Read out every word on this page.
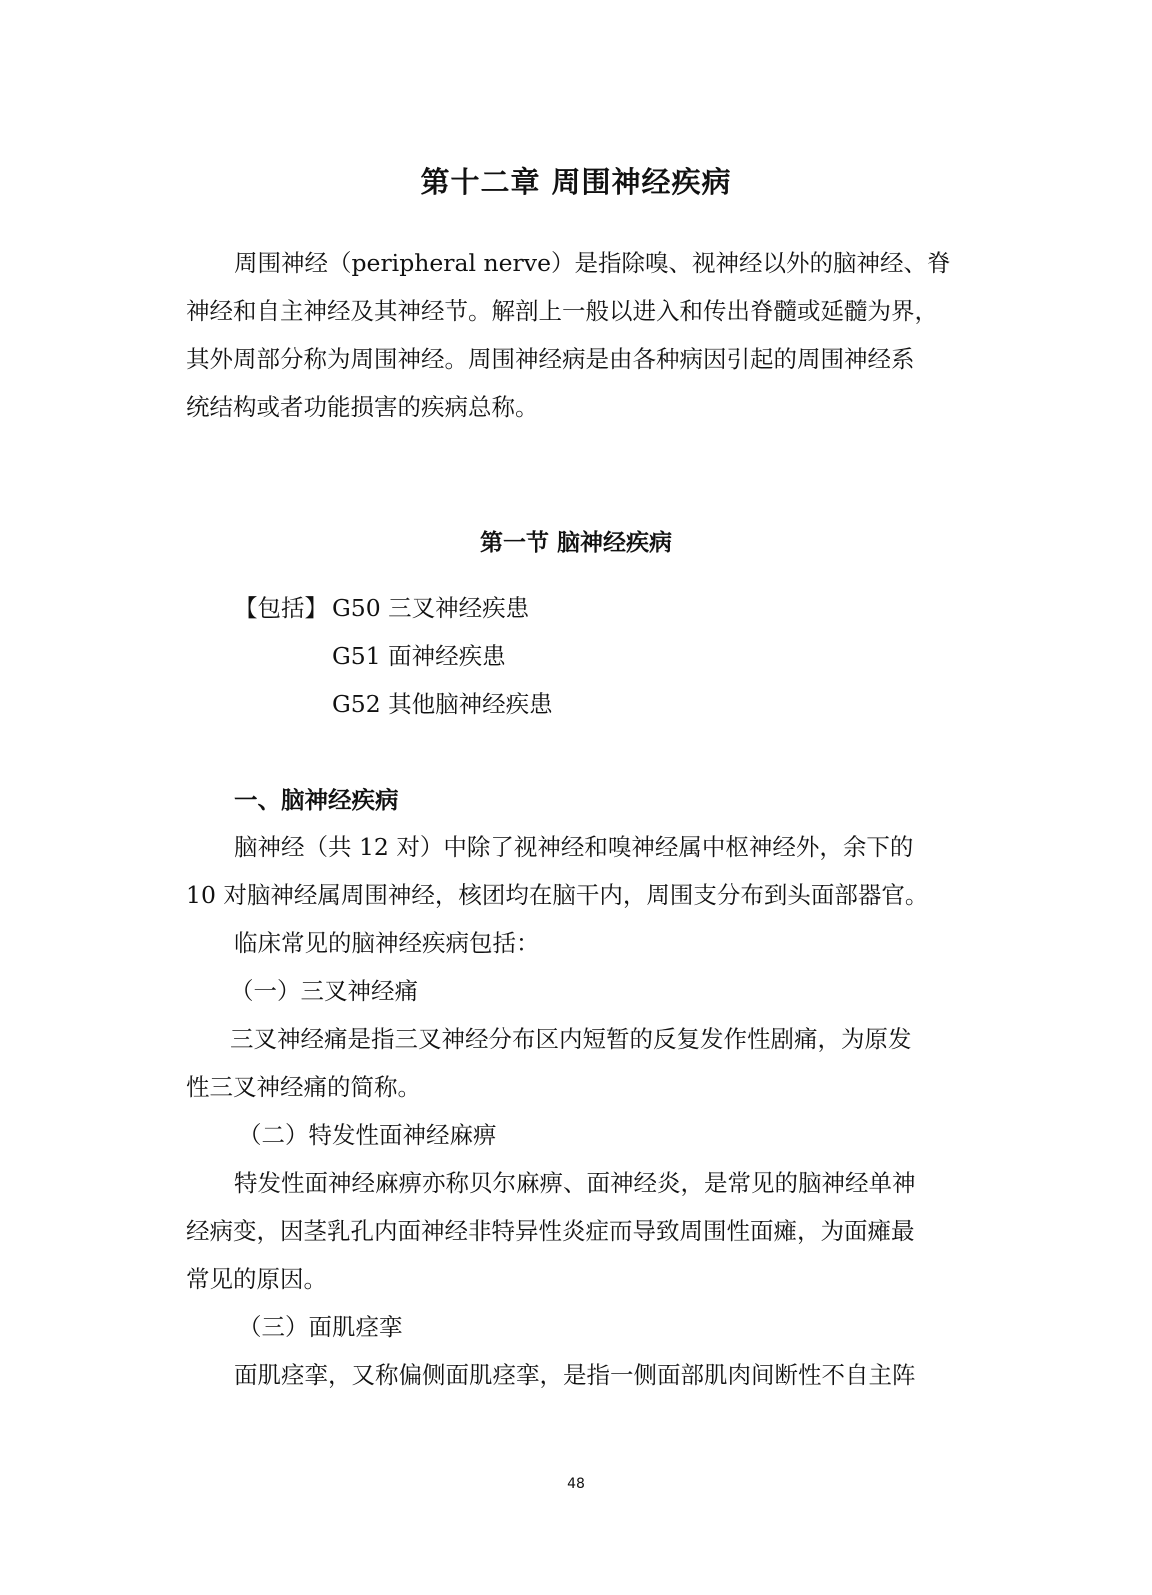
第十二章 周围神经疾病
周围神经（peripheral nerve）是指除嗅、视神经以外的脑神经、脊
神经和自主神经及其神经节。解剖上一般以进入和传出脊髓或延髓为界，
其外周部分称为周围神经。周围神经病是由各种病因引起的周围神经系
统结构或者功能损害的疾病总称。
第一节 脑神经疾病
【包括】 G50 三叉神经疾患
G51 面神经疾患
G52 其他脑神经疾患
一、脑神经疾病
脑神经（共 12 对）中除了视神经和嗅神经属中枢神经外，余下的
10 对脑神经属周围神经，核团均在脑干内，周围支分布到头面部器官。
临床常见的脑神经疾病包括：
（一）三叉神经痛
三叉神经痛是指三叉神经分布区内短暂的反复发作性剧痛，为原发
性三叉神经痛的简称。
（二）特发性面神经麻痹
特发性面神经麻痹亦称贝尔麻痹、面神经炎，是常见的脑神经单神
经病变，因茎乳孔内面神经非特异性炎症而导致周围性面瘫，为面瘫最
常见的原因。
（三）面肌痉挛
面肌痉挛，又称偏侧面肌痉挛，是指一侧面部肌肉间断性不自主阵
48
